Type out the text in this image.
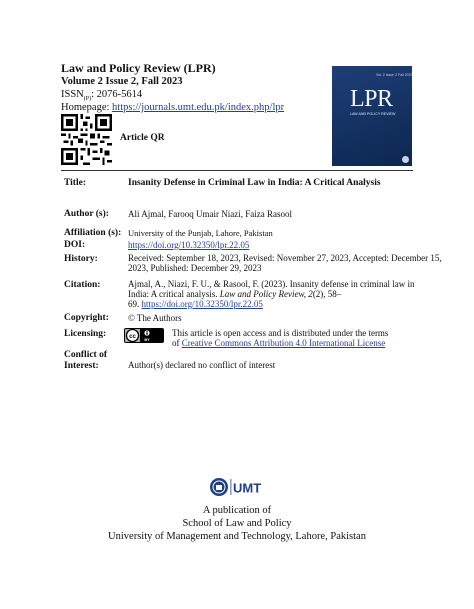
Law and Policy Review (LPR)
Volume 2 Issue 2, Fall 2023
$ISSN_{(P)}$: 2076-5614
Homepage: https://journals.umt.edu.pk/index.php/lpr
Article QR
Vol. 2 Issue 2 Fall 2023
LPR
LAW AND POLICY REVIEW
Title:	Insanity Defense in Criminal Law in India: A Critical Analysis
Author (s): Ali Ajmal, Farooq Umair Niazi, Faiza Rasool
Affiliation (s): University of the Punjab, Lahore, Pakistan
DOI:	https://doi.org/10.32350/lpr.22.05
History:	Received: September 18, 2023, Revised: November 27, 2023, Accepted: December 15,
2023, Published: December 29, 2023
Citation:	Ajmal, A., Niazi, F. U., & Rasool, F. (2023). Insanity defense in criminal law in
India: A critical analysis. Law and Policy Review, 2(2), 58–
69. https://doi.org/10.32350/lpr.22.05
Copyright: © The Authors
Licensing:	cc BY
This article is open access and is distributed under the terms
of Creative Commons Attribution 4.0 International License
Conflict of
Interest:	Author(s) declared no conflict of interest
UMT
A publication of
School of Law and Policy
University of Management and Technology, Lahore, Pakistan
